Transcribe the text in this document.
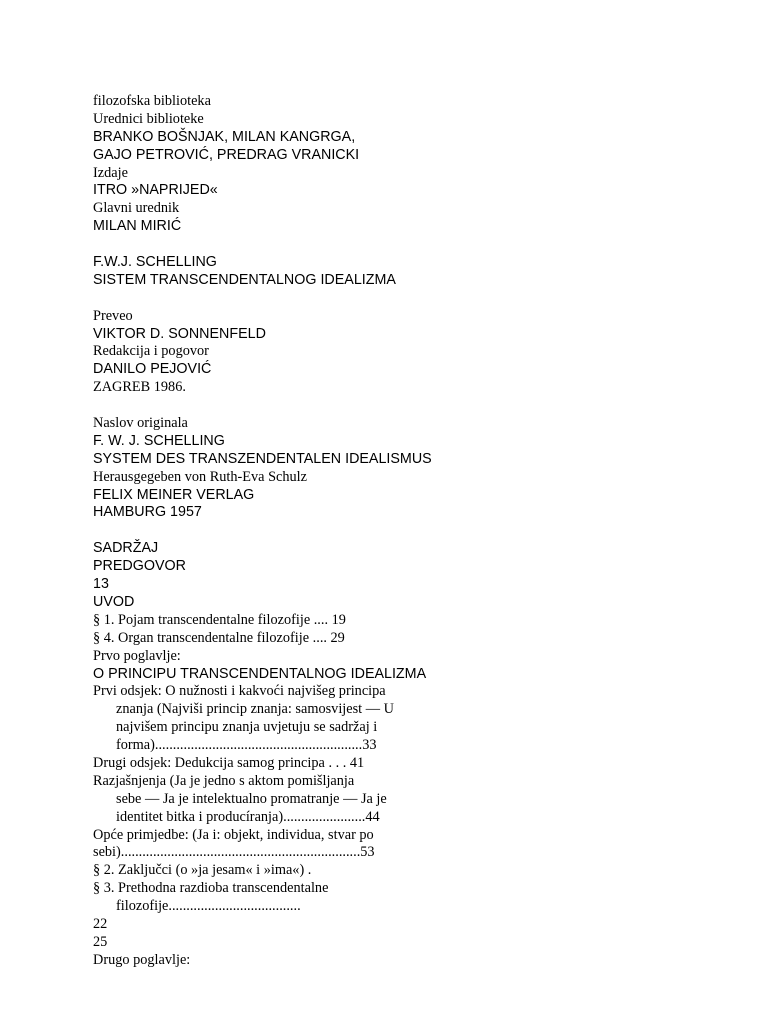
filozofska biblioteka
Urednici biblioteke
BRANKO BOŠNJAK, MILAN KANGRGA,
GAJO PETROVIĆ, PREDRAG VRANICKI
Izdaje
ITRO »NAPRIJED«
Glavni urednik
MILAN MIRIĆ
F.W.J. SCHELLING
SISTEM TRANSCENDENTALNOG IDEALIZMA
Preveo
VIKTOR D. SONNENFELD
Redakcija i pogovor
DANILO PEJOVIĆ
ZAGREB 1986.
Naslov originala
F. W. J. SCHELLING
SYSTEM DES TRANSZENDENTALEN IDEALISMUS
Herausgegeben von Ruth-Eva Schulz
FELIX MEINER VERLAG
HAMBURG 1957
SADRŽAJ
PREDGOVOR
13
UVOD
§ 1. Pojam transcendentalne filozofije .... 19
§ 4. Organ transcendentalne filozofije .... 29
Prvo poglavlje:
O PRINCIPU TRANSCENDENTALNOG IDEALIZMA
Prvi odsjek: O nužnosti i kakvoći najvišeg principa
znanja (Najviši princip znanja: samosvijest — U
najvišem principu znanja uvjetuju se sadržaj i
forma)..........................................................33
Drugi odsjek: Dedukcija samog principa . . . 41
Razjašnjenja (Ja je jedno s aktom pomišljanja
sebe — Ja je intelektualno promatranje — Ja je
identitet bitka i producíranja).......................44
Opće primjedbe: (Ja i: objekt, individua, stvar po
sebi)...................................................................53
§ 2. Zaključci (o »ja jesam« i »ima«) .
§ 3. Prethodna razdioba transcendentalne
filozofije.....................................
22
25
Drugo poglavlje:
